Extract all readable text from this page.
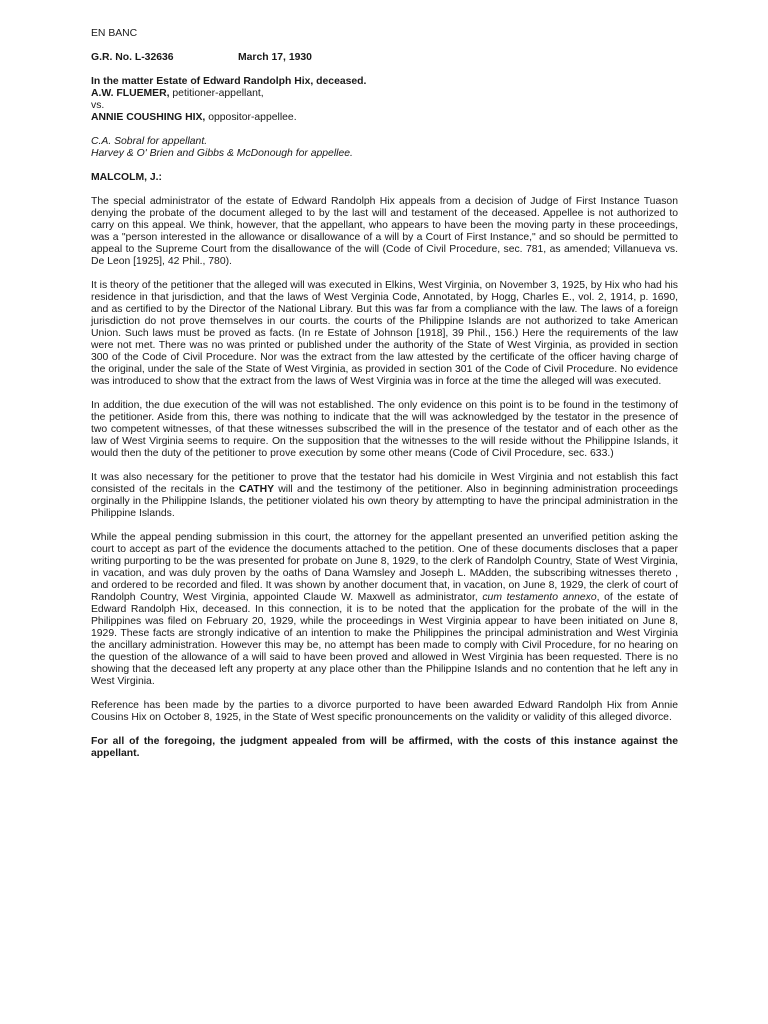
EN BANC

G.R. No. L-32636	March 17, 1930

In the matter Estate of Edward Randolph Hix, deceased.

A.W. FLUEMER, petitioner-appellant,

vs.

ANNIE COUSHING HIX, oppositor-appellee.

C.A. Sobral for appellant.

Harvey & O' Brien and Gibbs & McDonough for appellee.

MALCOLM, J.:

The special administrator of the estate of Edward Randolph Hix appeals from a decision of Judge of First Instance Tuason denying the probate of the document alleged to by the last will and testament of the deceased. Appellee is not authorized to carry on this appeal. We think, however, that the appellant, who appears to have been the moving party in these proceedings, was a "person interested in the allowance or disallowance of a will by a Court of First Instance," and so should be permitted to appeal to the Supreme Court from the disallowance of the will (Code of Civil Procedure, sec. 781, as amended; Villanueva vs. De Leon [1925], 42 Phil., 780).

It is theory of the petitioner that the alleged will was executed in Elkins, West Virginia, on November 3, 1925, by Hix who had his residence in that jurisdiction, and that the laws of West Verginia Code, Annotated, by Hogg, Charles E., vol. 2, 1914, p. 1690, and as certified to by the Director of the National Library. But this was far from a compliance with the law. The laws of a foreign jurisdiction do not prove themselves in our courts. the courts of the Philippine Islands are not authorized to take American Union. Such laws must be proved as facts. (In re Estate of Johnson [1918], 39 Phil., 156.) Here the requirements of the law were not met. There was no was printed or published under the authority of the State of West Virginia, as provided in section 300 of the Code of Civil Procedure. Nor was the extract from the law attested by the certificate of the officer having charge of the original, under the sale of the State of West Virginia, as provided in section 301 of the Code of Civil Procedure. No evidence was introduced to show that the extract from the laws of West Virginia was in force at the time the alleged will was executed.

In addition, the due execution of the will was not established. The only evidence on this point is to be found in the testimony of the petitioner. Aside from this, there was nothing to indicate that the will was acknowledged by the testator in the presence of two competent witnesses, of that these witnesses subscribed the will in the presence of the testator and of each other as the law of West Virginia seems to require. On the supposition that the witnesses to the will reside without the Philippine Islands, it would then the duty of the petitioner to prove execution by some other means (Code of Civil Procedure, sec. 633.)

It was also necessary for the petitioner to prove that the testator had his domicile in West Virginia and not establish this fact consisted of the recitals in the CATHY will and the testimony of the petitioner. Also in beginning administration proceedings orginally in the Philippine Islands, the petitioner violated his own theory by attempting to have the principal administration in the Philippine Islands.

While the appeal pending submission in this court, the attorney for the appellant presented an unverified petition asking the court to accept as part of the evidence the documents attached to the petition. One of these documents discloses that a paper writing purporting to be the was presented for probate on June 8, 1929, to the clerk of Randolph Country, State of West Virginia, in vacation, and was duly proven by the oaths of Dana Wamsley and Joseph L. MAdden, the subscribing witnesses thereto , and ordered to be recorded and filed. It was shown by another document that, in vacation, on June 8, 1929, the clerk of court of Randolph Country, West Virginia, appointed Claude W. Maxwell as administrator, cum testamento annexo, of the estate of Edward Randolph Hix, deceased. In this connection, it is to be noted that the application for the probate of the will in the Philippines was filed on February 20, 1929, while the proceedings in West Virginia appear to have been initiated on June 8, 1929. These facts are strongly indicative of an intention to make the Philippines the principal administration and West Virginia the ancillary administration. However this may be, no attempt has been made to comply with Civil Procedure, for no hearing on the question of the allowance of a will said to have been proved and allowed in West Virginia has been requested. There is no showing that the deceased left any property at any place other than the Philippine Islands and no contention that he left any in West Virginia.

Reference has been made by the parties to a divorce purported to have been awarded Edward Randolph Hix from Annie Cousins Hix on October 8, 1925, in the State of West specific pronouncements on the validity or validity of this alleged divorce.

For all of the foregoing, the judgment appealed from will be affirmed, with the costs of this instance against the appellant.
